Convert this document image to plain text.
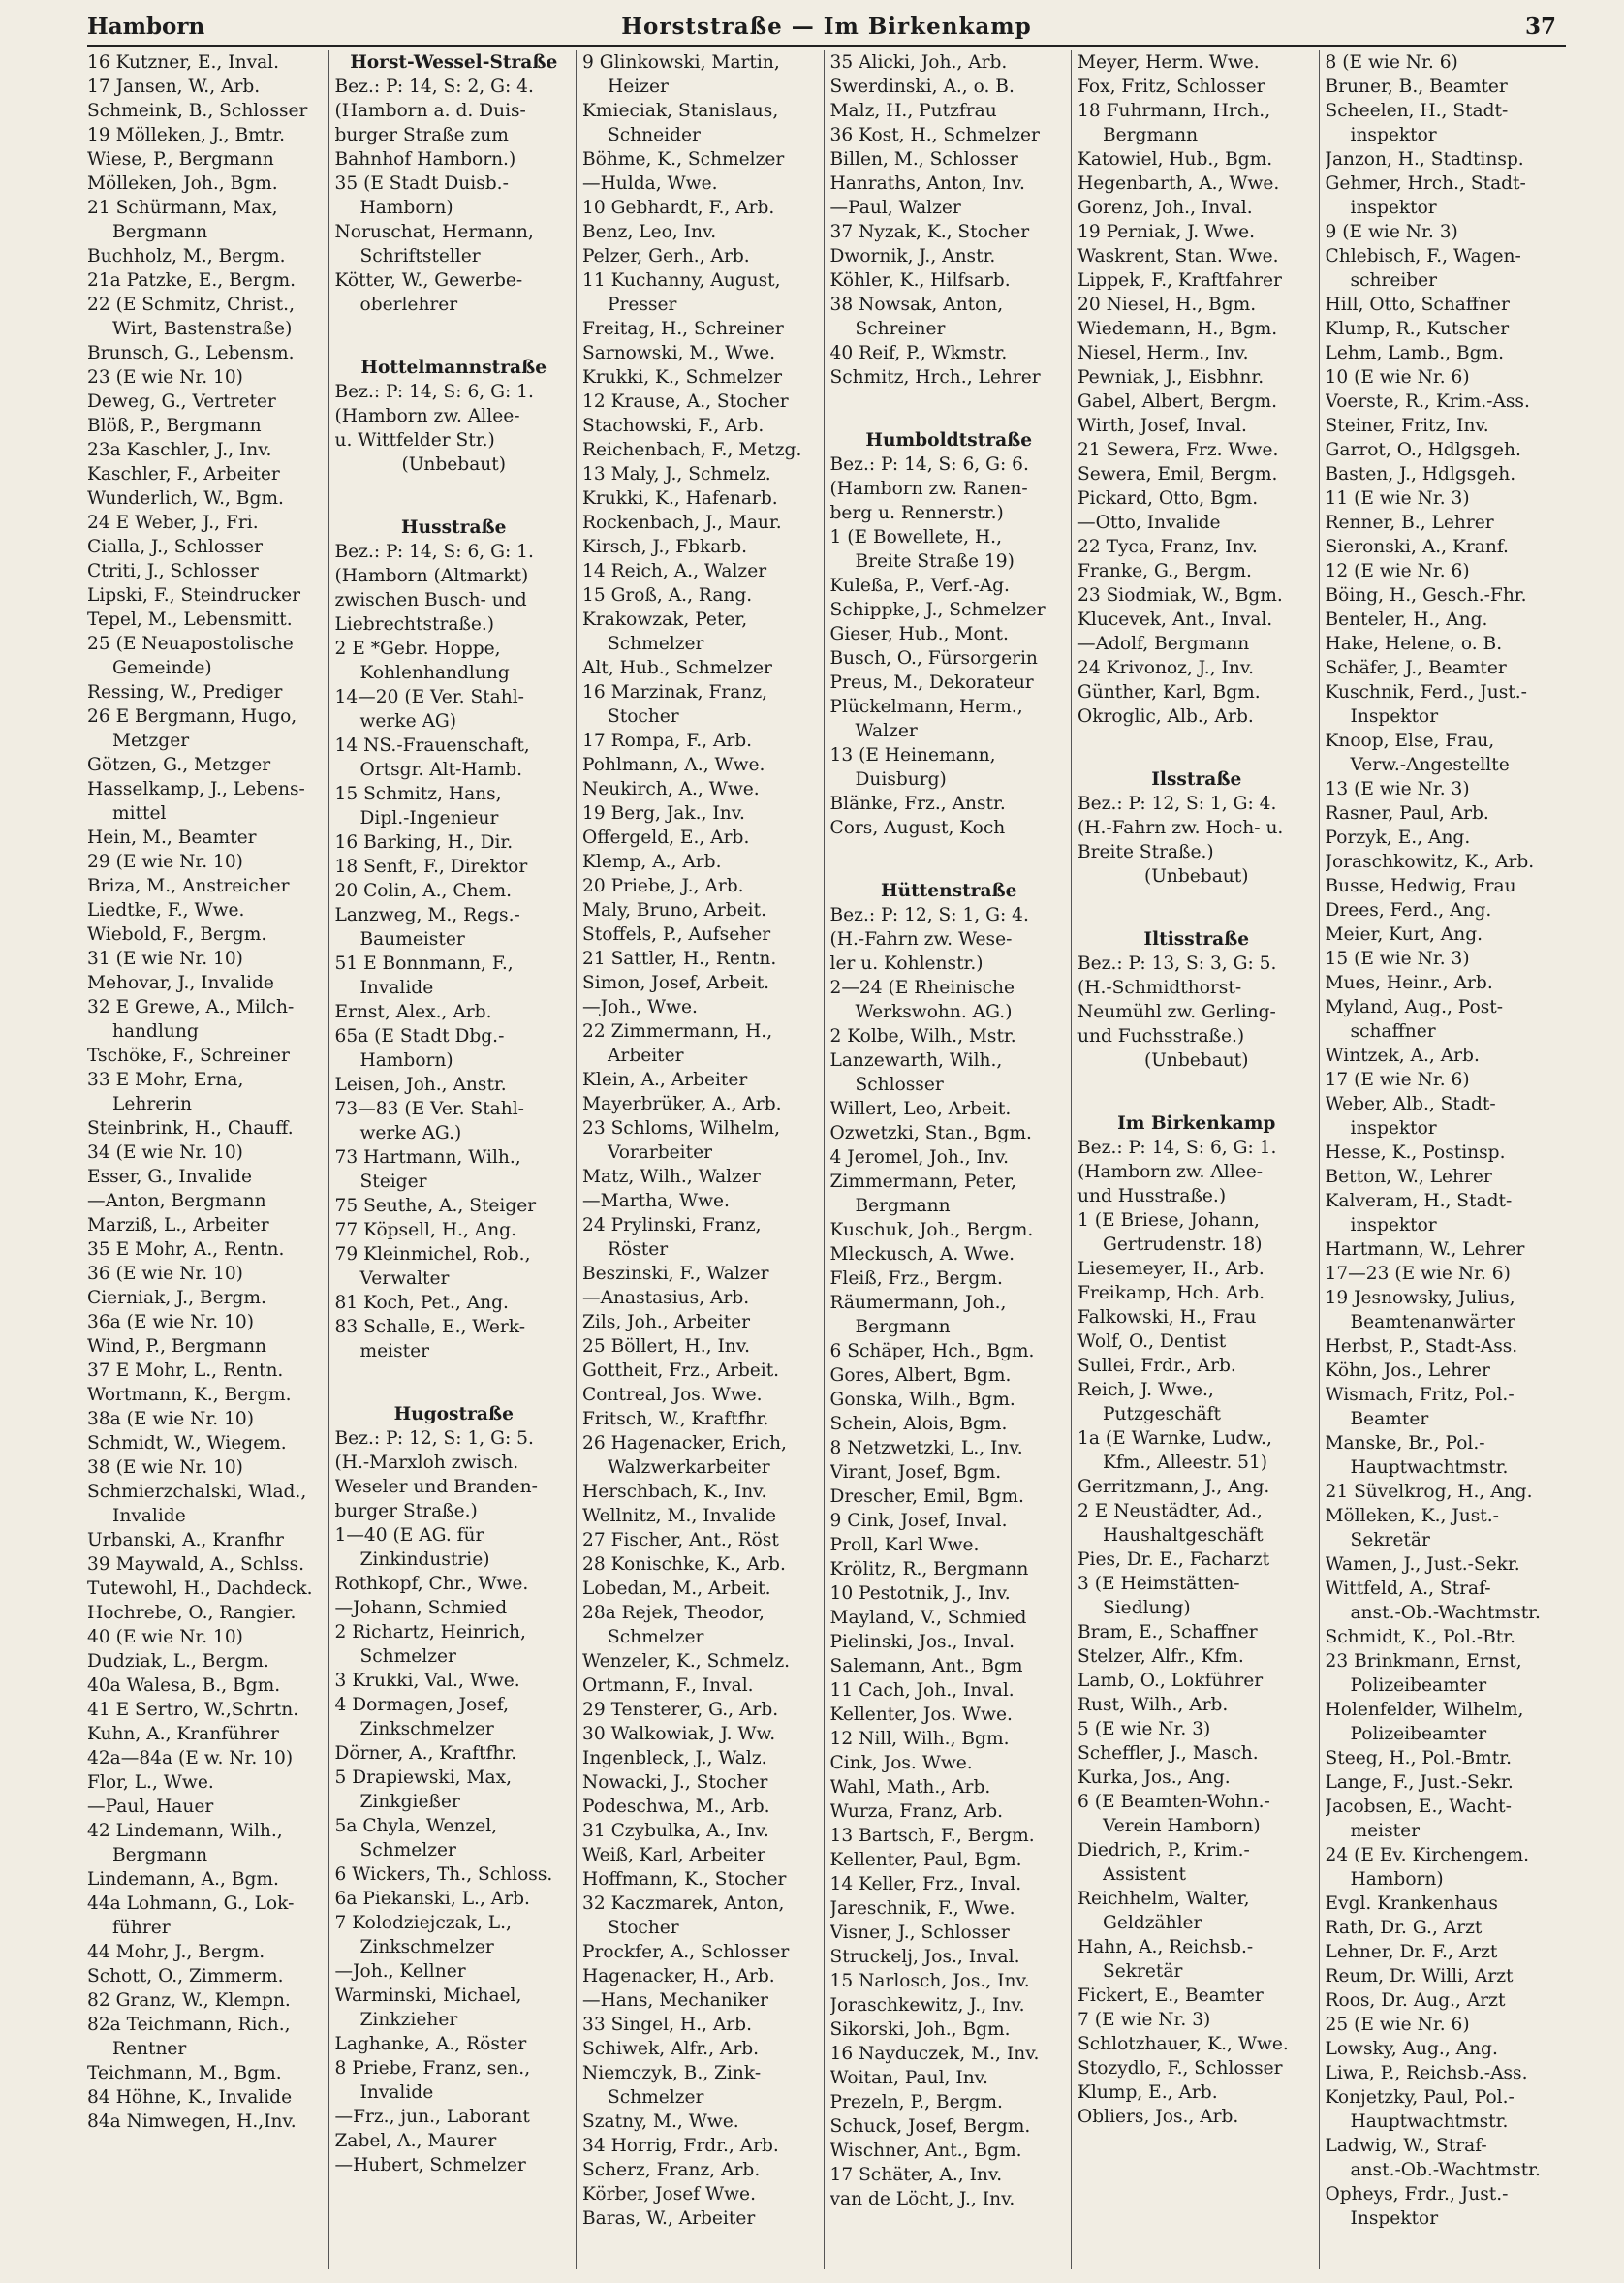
Hamborn	Horststraße — Im Birkenkamp	37
16 Kutzner, E., Inval.
17 Jansen, W., Arb.
Schmeink, B., Schlosser
19 Mölleken, J., Bmtr.
Wiese, P., Bergmann
Mölleken, Joh., Bgm.
21 Schürmann, Max,
Bergmann
Buchholz, M., Bergm.
21a Patzke, E., Bergm.
22 (E Schmitz, Christ.,
Wirt, Bastenstraße)
Brunsch, G., Lebensm.
23 (E wie Nr. 10)
Deweg, G., Vertreter
Blöß, P., Bergmann
23a Kaschler, J., Inv.
Kaschler, F., Arbeiter
Wunderlich, W., Bgm.
24 E Weber, J., Fri.
Cialla, J., Schlosser
Ctriti, J., Schlosser
Lipski, F., Steindrucker
Tepel, M., Lebensmitt.
25 (E Neuapostolische
Gemeinde)
Ressing, W., Prediger
26 E Bergmann, Hugo,
Metzger
Götzen, G., Metzger
Hasselkamp, J., Lebens-
mittel
Hein, M., Beamter
29 (E wie Nr. 10)
Briza, M., Anstreicher
Liedtke, F., Wwe.
Wiebold, F., Bergm.
31 (E wie Nr. 10)
Mehovar, J., Invalide
32 E Grewe, A., Milch-
handlung
Tschöke, F., Schreiner
33 E Mohr, Erna,
Lehrerin
Steinbrink, H., Chauff.
34 (E wie Nr. 10)
Esser, G., Invalide
—Anton, Bergmann
Marziß, L., Arbeiter
35 E Mohr, A., Rentn.
36 (E wie Nr. 10)
Cierniak, J., Bergm.
36a (E wie Nr. 10)
Wind, P., Bergmann
37 E Mohr, L., Rentn.
Wortmann, K., Bergm.
38a (E wie Nr. 10)
Schmidt, W., Wiegem.
38 (E wie Nr. 10)
Schmierzchalski, Wlad.,
Invalide
Urbanski, A., Kranfhr
39 Maywald, A., Schlss.
Tutewohl, H., Dachdeck.
Hochrebe, O., Rangier.
40 (E wie Nr. 10)
Dudziak, L., Bergm.
40a Walesa, B., Bgm.
41 E Sertro, W.,Schrtn.
Kuhn, A., Kranführer
42a—84a (E w. Nr. 10)
Flor, L., Wwe.
—Paul, Hauer
42 Lindemann, Wilh.,
Bergmann
Lindemann, A., Bgm.
44a Lohmann, G., Lok-
führer
44 Mohr, J., Bergm.
Schott, O., Zimmerm.
82 Granz, W., Klempn.
82a Teichmann, Rich.,
Rentner
Teichmann, M., Bgm.
84 Höhne, K., Invalide
84a Nimwegen, H.,Inv.
Horst-Wessel-Straße
Bez.: P: 14, S: 2, G: 4.
(Hamborn a. d. Duis-
burger Straße zum
Bahnhof Hamborn.)
35 (E Stadt Duisb.-
Hamborn)
Noruschat, Hermann,
Schriftsteller
Kötter, W., Gewerbe-
oberlehrer
Hottelmannstraße
Bez.: P: 14, S: 6, G: 1.
(Hamborn zw. Allee-
u. Wittfelder Str.)
(Unbebaut)
Husstraße
Bez.: P: 14, S: 6, G: 1.
(Hamborn (Altmarkt)
zwischen Busch- und
Liebrechtstraße.)
2 E *Gebr. Hoppe,
Kohlenhandlung
14—20 (E Ver. Stahl-
werke AG)
14 NS.-Frauenschaft,
Ortsgr. Alt-Hamb.
15 Schmitz, Hans,
Dipl.-Ingenieur
16 Barking, H., Dir.
18 Senft, F., Direktor
20 Colin, A., Chem.
Lanzweg, M., Regs.-
Baumeister
51 E Bonnmann, F.,
Invalide
Ernst, Alex., Arb.
65a (E Stadt Dbg.-
Hamborn)
Leisen, Joh., Anstr.
73—83 (E Ver. Stahl-
werke AG.)
73 Hartmann, Wilh.,
Steiger
75 Seuthe, A., Steiger
77 Köpsell, H., Ang.
79 Kleinmichel, Rob.,
Verwalter
81 Koch, Pet., Ang.
83 Schalle, E., Werk-
meister
Hugostraße
Bez.: P: 12, S: 1, G: 5.
(H.-Marxloh zwisch.
Weseler und Branden-
burger Straße.)
1—40 (E AG. für
Zinkindustrie)
Rothkopf, Chr., Wwe.
—Johann, Schmied
2 Richartz, Heinrich,
Schmelzer
3 Krukki, Val., Wwe.
4 Dormagen, Josef,
Zinkschmelzer
Dörner, A., Kraftfhr.
5 Drapiewski, Max,
Zinkgießer
5a Chyla, Wenzel,
Schmelzer
6 Wickers, Th., Schloss.
6a Piekanski, L., Arb.
7 Kolodziejczak, L.,
Zinkschmelzer
—Joh., Kellner
Warminski, Michael,
Zinkzieher
Laghanke, A., Röster
8 Priebe, Franz, sen.,
Invalide
—Frz., jun., Laborant
Zabel, A., Maurer
—Hubert, Schmelzer
9 Glinkowski, Martin,
Heizer
Kmieciak, Stanislaus,
Schneider
Böhme, K., Schmelzer
—Hulda, Wwe.
10 Gebhardt, F., Arb.
Benz, Leo, Inv.
Pelzer, Gerh., Arb.
11 Kuchanny, August,
Presser
Freitag, H., Schreiner
Sarnowski, M., Wwe.
Krukki, K., Schmelzer
12 Krause, A., Stocher
Stachowski, F., Arb.
Reichenbach, F., Metzg.
13 Maly, J., Schmelz.
Krukki, K., Hafenarb.
Rockenbach, J., Maur.
Kirsch, J., Fbkarb.
14 Reich, A., Walzer
15 Groß, A., Rang.
Krakowzak, Peter,
Schmelzer
Alt, Hub., Schmelzer
16 Marzinak, Franz,
Stocher
17 Rompa, F., Arb.
Pohlmann, A., Wwe.
Neukirch, A., Wwe.
19 Berg, Jak., Inv.
Offergeld, E., Arb.
Klemp, A., Arb.
20 Priebe, J., Arb.
Maly, Bruno, Arbeit.
Stoffels, P., Aufseher
21 Sattler, H., Rentn.
Simon, Josef, Arbeit.
—Joh., Wwe.
22 Zimmermann, H.,
Arbeiter
Klein, A., Arbeiter
Mayerbrüker, A., Arb.
23 Schloms, Wilhelm,
Vorarbeiter
Matz, Wilh., Walzer
—Martha, Wwe.
24 Prylinski, Franz,
Röster
Beszinski, F., Walzer
—Anastasius, Arb.
Zils, Joh., Arbeiter
25 Böllert, H., Inv.
Gottheit, Frz., Arbeit.
Contreal, Jos. Wwe.
Fritsch, W., Kraftfhr.
26 Hagenacker, Erich,
Walzwerkarbeiter
Herschbach, K., Inv.
Wellnitz, M., Invalide
27 Fischer, Ant., Röst
28 Konischke, K., Arb.
Lobedan, M., Arbeit.
28a Rejek, Theodor,
Schmelzer
Wenzeler, K., Schmelz.
Ortmann, F., Inval.
29 Tensterer, G., Arb.
30 Walkowiak, J. Ww.
Ingenbleck, J., Walz.
Nowacki, J., Stocher
Podeschwa, M., Arb.
31 Czybulka, A., Inv.
Weiß, Karl, Arbeiter
Hoffmann, K., Stocher
32 Kaczmarek, Anton,
Stocher
Prockfer, A., Schlosser
Hagenacker, H., Arb.
—Hans, Mechaniker
33 Singel, H., Arb.
Schiwek, Alfr., Arb.
Niemczyk, B., Zink-
Schmelzer
Szatny, M., Wwe.
34 Horrig, Frdr., Arb.
Scherz, Franz, Arb.
Körber, Josef Wwe.
Baras, W., Arbeiter
35 Alicki, Joh., Arb.
Swerdinski, A., o. B.
Malz, H., Putzfrau
36 Kost, H., Schmelzer
Billen, M., Schlosser
Hanraths, Anton, Inv.
—Paul, Walzer
37 Nyzak, K., Stocher
Dwornik, J., Anstr.
Köhler, K., Hilfsarb.
38 Nowsak, Anton,
Schreiner
40 Reif, P., Wkmstr.
Schmitz, Hrch., Lehrer
Humboldtstraße
Bez.: P: 14, S: 6, G: 6.
(Hamborn zw. Ranen-
berg u. Rennerstr.)
1 (E Bowellete, H.,
Breite Straße 19)
Kuleßa, P., Verf.-Ag.
Schippke, J., Schmelzer
Gieser, Hub., Mont.
Busch, O., Fürsorgerin
Preus, M., Dekorateur
Plückelmann, Herm.,
Walzer
13 (E Heinemann,
Duisburg)
Blänke, Frz., Anstr.
Cors, August, Koch
Hüttenstraße
Bez.: P: 12, S: 1, G: 4.
(H.-Fahrn zw. Wese-
ler u. Kohlenstr.)
2—24 (E Rheinische
Werkswohn. AG.)
2 Kolbe, Wilh., Mstr.
Lanzewarth, Wilh.,
Schlosser
Willert, Leo, Arbeit.
Ozwetzki, Stan., Bgm.
4 Jeromel, Joh., Inv.
Zimmermann, Peter,
Bergmann
Kuschuk, Joh., Bergm.
Mleckusch, A. Wwe.
Fleiß, Frz., Bergm.
Räumermann, Joh.,
Bergmann
6 Schäper, Hch., Bgm.
Gores, Albert, Bgm.
Gonska, Wilh., Bgm.
Schein, Alois, Bgm.
8 Netzwetzki, L., Inv.
Virant, Josef, Bgm.
Drescher, Emil, Bgm.
9 Cink, Josef, Inval.
Proll, Karl Wwe.
Krölitz, R., Bergmann
10 Pestotnik, J., Inv.
Mayland, V., Schmied
Pielinski, Jos., Inval.
Salemann, Ant., Bgm
11 Cach, Joh., Inval.
Kellenter, Jos. Wwe.
12 Nill, Wilh., Bgm.
Cink, Jos. Wwe.
Wahl, Math., Arb.
Wurza, Franz, Arb.
13 Bartsch, F., Bergm.
Kellenter, Paul, Bgm.
14 Keller, Frz., Inval.
Jareschnik, F., Wwe.
Visner, J., Schlosser
Struckelj, Jos., Inval.
15 Narlosch, Jos., Inv.
Joraschkewitz, J., Inv.
Sikorski, Joh., Bgm.
16 Nayduczek, M., Inv.
Woitan, Paul, Inv.
Prezeln, P., Bergm.
Schuck, Josef, Bergm.
Wischner, Ant., Bgm.
17 Schäter, A., Inv.
van de Löcht, J., Inv.
Meyer, Herm. Wwe.
Fox, Fritz, Schlosser
18 Fuhrmann, Hrch.,
Bergmann
Katowiel, Hub., Bgm.
Hegenbarth, A., Wwe.
Gorenz, Joh., Inval.
19 Perniak, J. Wwe.
Waskrent, Stan. Wwe.
Lippek, F., Kraftfahrer
20 Niesel, H., Bgm.
Wiedemann, H., Bgm.
Niesel, Herm., Inv.
Pewniak, J., Eisbhnr.
Gabel, Albert, Bergm.
Wirth, Josef, Inval.
21 Sewera, Frz. Wwe.
Sewera, Emil, Bergm.
Pickard, Otto, Bgm.
—Otto, Invalide
22 Tyca, Franz, Inv.
Franke, G., Bergm.
23 Siodmiak, W., Bgm.
Klucevek, Ant., Inval.
—Adolf, Bergmann
24 Krivonoz, J., Inv.
Günther, Karl, Bgm.
Okroglic, Alb., Arb.
Ilsstraße
Bez.: P: 12, S: 1, G: 4.
(H.-Fahrn zw. Hoch- u.
Breite Straße.)
(Unbebaut)
Iltisstraße
Bez.: P: 13, S: 3, G: 5.
(H.-Schmidthorst-
Neumühl zw. Gerling-
und Fuchsstraße.)
(Unbebaut)
Im Birkenkamp
Bez.: P: 14, S: 6, G: 1.
(Hamborn zw. Allee-
und Husstraße.)
1 (E Briese, Johann,
Gertrudenstr. 18)
Liesemeyer, H., Arb.
Freikamp, Hch. Arb.
Falkowski, H., Frau
Wolf, O., Dentist
Sullei, Frdr., Arb.
Reich, J. Wwe.,
Putzgeschäft
1a (E Warnke, Ludw.,
Kfm., Alleestr. 51)
Gerritzmann, J., Ang.
2 E Neustädter, Ad.,
Haushaltgeschäft
Pies, Dr. E., Facharzt
3 (E Heimstätten-
Siedlung)
Bram, E., Schaffner
Stelzer, Alfr., Kfm.
Lamb, O., Lokführer
Rust, Wilh., Arb.
5 (E wie Nr. 3)
Scheffler, J., Masch.
Kurka, Jos., Ang.
6 (E Beamten-Wohn.-
Verein Hamborn)
Diedrich, P., Krim.-
Assistent
Reichhelm, Walter,
Geldzähler
Hahn, A., Reichsb.-
Sekretär
Fickert, E., Beamter
7 (E wie Nr. 3)
Schlotzhauer, K., Wwe.
Stozydlo, F., Schlosser
Klump, E., Arb.
Obliers, Jos., Arb.
8 (E wie Nr. 6)
Bruner, B., Beamter
Scheelen, H., Stadt-
inspektor
Janzon, H., Stadtinsp.
Gehmer, Hrch., Stadt-
inspektor
9 (E wie Nr. 3)
Chlebisch, F., Wagen-
schreiber
Hill, Otto, Schaffner
Klump, R., Kutscher
Lehm, Lamb., Bgm.
10 (E wie Nr. 6)
Voerste, R., Krim.-Ass.
Steiner, Fritz, Inv.
Garrot, O., Hdlgsgeh.
Basten, J., Hdlgsgeh.
11 (E wie Nr. 3)
Renner, B., Lehrer
Sieronski, A., Kranf.
12 (E wie Nr. 6)
Böing, H., Gesch.-Fhr.
Benteler, H., Ang.
Hake, Helene, o. B.
Schäfer, J., Beamter
Kuschnik, Ferd., Just.-
Inspektor
Knoop, Else, Frau,
Verw.-Angestellte
13 (E wie Nr. 3)
Rasner, Paul, Arb.
Porzyk, E., Ang.
Joraschkowitz, K., Arb.
Busse, Hedwig, Frau
Drees, Ferd., Ang.
Meier, Kurt, Ang.
15 (E wie Nr. 3)
Mues, Heinr., Arb.
Myland, Aug., Post-
schaffner
Wintzek, A., Arb.
17 (E wie Nr. 6)
Weber, Alb., Stadt-
inspektor
Hesse, K., Postinsp.
Betton, W., Lehrer
Kalveram, H., Stadt-
inspektor
Hartmann, W., Lehrer
17—23 (E wie Nr. 6)
19 Jesnowsky, Julius,
Beamtenanwärter
Herbst, P., Stadt-Ass.
Köhn, Jos., Lehrer
Wismach, Fritz, Pol.-
Beamter
Manske, Br., Pol.-
Hauptwachtmstr.
21 Süvelkrog, H., Ang.
Mölleken, K., Just.-
Sekretär
Wamen, J., Just.-Sekr.
Wittfeld, A., Straf-
anst.-Ob.-Wachtmstr.
Schmidt, K., Pol.-Btr.
23 Brinkmann, Ernst,
Polizeibeamter
Holenfelder, Wilhelm,
Polizeibeamter
Steeg, H., Pol.-Bmtr.
Lange, F., Just.-Sekr.
Jacobsen, E., Wacht-
meister
24 (E Ev. Kirchengem.
Hamborn)
Evgl. Krankenhaus
Rath, Dr. G., Arzt
Lehner, Dr. F., Arzt
Reum, Dr. Willi, Arzt
Roos, Dr. Aug., Arzt
25 (E wie Nr. 6)
Lowsky, Aug., Ang.
Liwa, P., Reichsb.-Ass.
Konjetzky, Paul, Pol.-
Hauptwachtmstr.
Ladwig, W., Straf-
anst.-Ob.-Wachtmstr.
Opheys, Frdr., Just.-
Inspektor
